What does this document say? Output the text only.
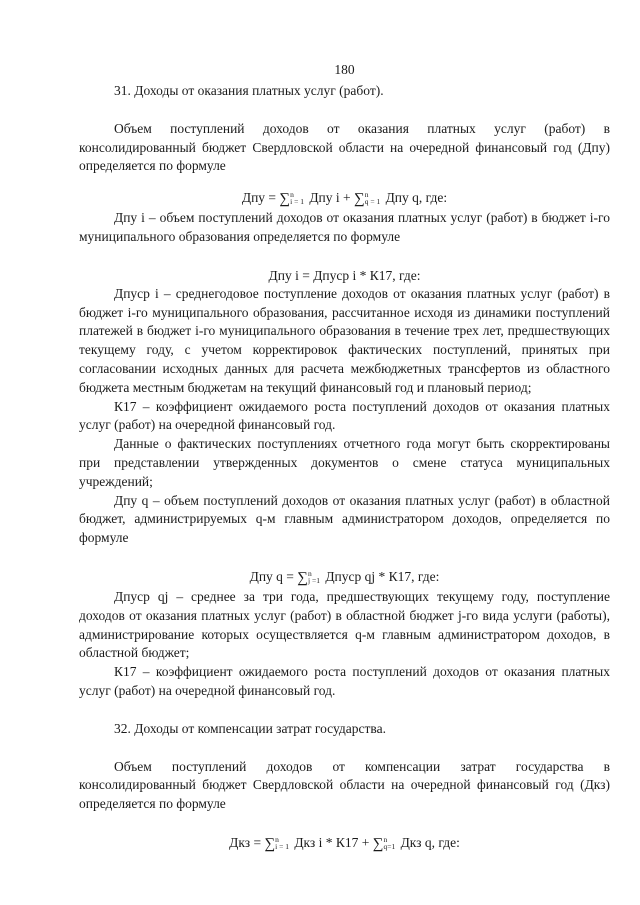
180

31. Доходы от оказания платных услуг (работ).

Объем поступлений доходов от оказания платных услуг (работ) в консолидированный бюджет Свердловской области на очередной финансовый год (Дпу) определяется по формуле

Дпу = ∑ n
i = 1 Дпу i + ∑ n
q = 1 Дпу q, где:

Дпу i – объем поступлений доходов от оказания платных услуг (работ) в бюджет i-го муниципального образования определяется по формуле

Дпу i = Дпуср i * К17, где:

Дпуср i – среднегодовое поступление доходов от оказания платных услуг (работ) в бюджет i-го муниципального образования, рассчитанное исходя из динамики поступлений платежей в бюджет i-го муниципального образования в течение трех лет, предшествующих текущему году, с учетом корректировок фактических поступлений, принятых при согласовании исходных данных для расчета межбюджетных трансфертов из областного бюджета местным бюджетам на текущий финансовый год и плановый период;

К17 – коэффициент ожидаемого роста поступлений доходов от оказания платных услуг (работ) на очередной финансовый год.

Данные о фактических поступлениях отчетного года могут быть скорректированы при представлении утвержденных документов о смене статуса муниципальных учреждений;

Дпу q – объем поступлений доходов от оказания платных услуг (работ) в областной бюджет, администрируемых q-м главным администратором доходов, определяется по формуле

Дпу q = ∑ n
j =1 Дпуср qj * К17, где:

Дпуср qj – среднее за три года, предшествующих текущему году, поступление доходов от оказания платных услуг (работ) в областной бюджет j-го вида услуги (работы), администрирование которых осуществляется q-м главным администратором доходов, в областной бюджет;

К17 – коэффициент ожидаемого роста поступлений доходов от оказания платных услуг (работ) на очередной финансовый год.

32. Доходы от компенсации затрат государства.

Объем поступлений доходов от компенсации затрат государства в консолидированный бюджет Свердловской области на очередной финансовый год (Дкз) определяется по формуле

Дкз = ∑ n
i = 1 Дкз i * К17 + ∑ n
q=1 Дкз q, где:
